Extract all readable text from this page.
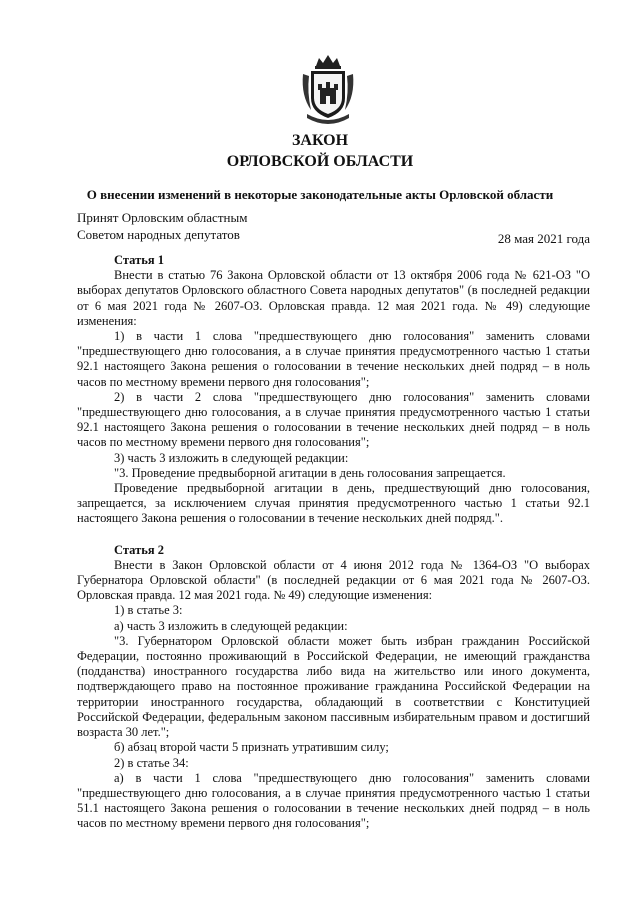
ЗАКОН
ОРЛОВСКОЙ ОБЛАСТИ
О внесении изменений в некоторые законодательные акты Орловской области
Принят Орловским областным
Советом народных депутатов	28 мая 2021 года
Статья 1

Внести в статью 76 Закона Орловской области от 13 октября 2006 года № 621-ОЗ "О выборах депутатов Орловского областного Совета народных депутатов" (в последней редакции от 6 мая 2021 года № 2607-ОЗ. Орловская правда. 12 мая 2021 года. № 49) следующие изменения:

1) в части 1 слова "предшествующего дню голосования" заменить словами "предшествующего дню голосования, а в случае принятия предусмотренного частью 1 статьи 92.1 настоящего Закона решения о голосовании в течение нескольких дней подряд – в ноль часов по местному времени первого дня голосования";

2) в части 2 слова "предшествующего дню голосования" заменить словами "предшествующего дню голосования, а в случае принятия предусмотренного частью 1 статьи 92.1 настоящего Закона решения о голосовании в течение нескольких дней подряд – в ноль часов по местному времени первого дня голосования";

3) часть 3 изложить в следующей редакции:

"3. Проведение предвыборной агитации в день голосования запрещается.

Проведение предвыборной агитации в день, предшествующий дню голосования, запрещается, за исключением случая принятия предусмотренного частью 1 статьи 92.1 настоящего Закона решения о голосовании в течение нескольких дней подряд.".

Статья 2

Внести в Закон Орловской области от 4 июня 2012 года № 1364-ОЗ "О выборах Губернатора Орловской области" (в последней редакции от 6 мая 2021 года № 2607-ОЗ. Орловская правда. 12 мая 2021 года. № 49) следующие изменения:

1) в статье 3:

а) часть 3 изложить в следующей редакции:

"3. Губернатором Орловской области может быть избран гражданин Российской Федерации, постоянно проживающий в Российской Федерации, не имеющий гражданства (подданства) иностранного государства либо вида на жительство или иного документа, подтверждающего право на постоянное проживание гражданина Российской Федерации на территории иностранного государства, обладающий в соответствии с Конституцией Российской Федерации, федеральным законом пассивным избирательным правом и достигший возраста 30 лет.";

б) абзац второй части 5 признать утратившим силу;

2) в статье 34:

а) в части 1 слова "предшествующего дню голосования" заменить словами "предшествующего дню голосования, а в случае принятия предусмотренного частью 1 статьи 51.1 настоящего Закона решения о голосовании в течение нескольких дней подряд – в ноль часов по местному времени первого дня голосования";
